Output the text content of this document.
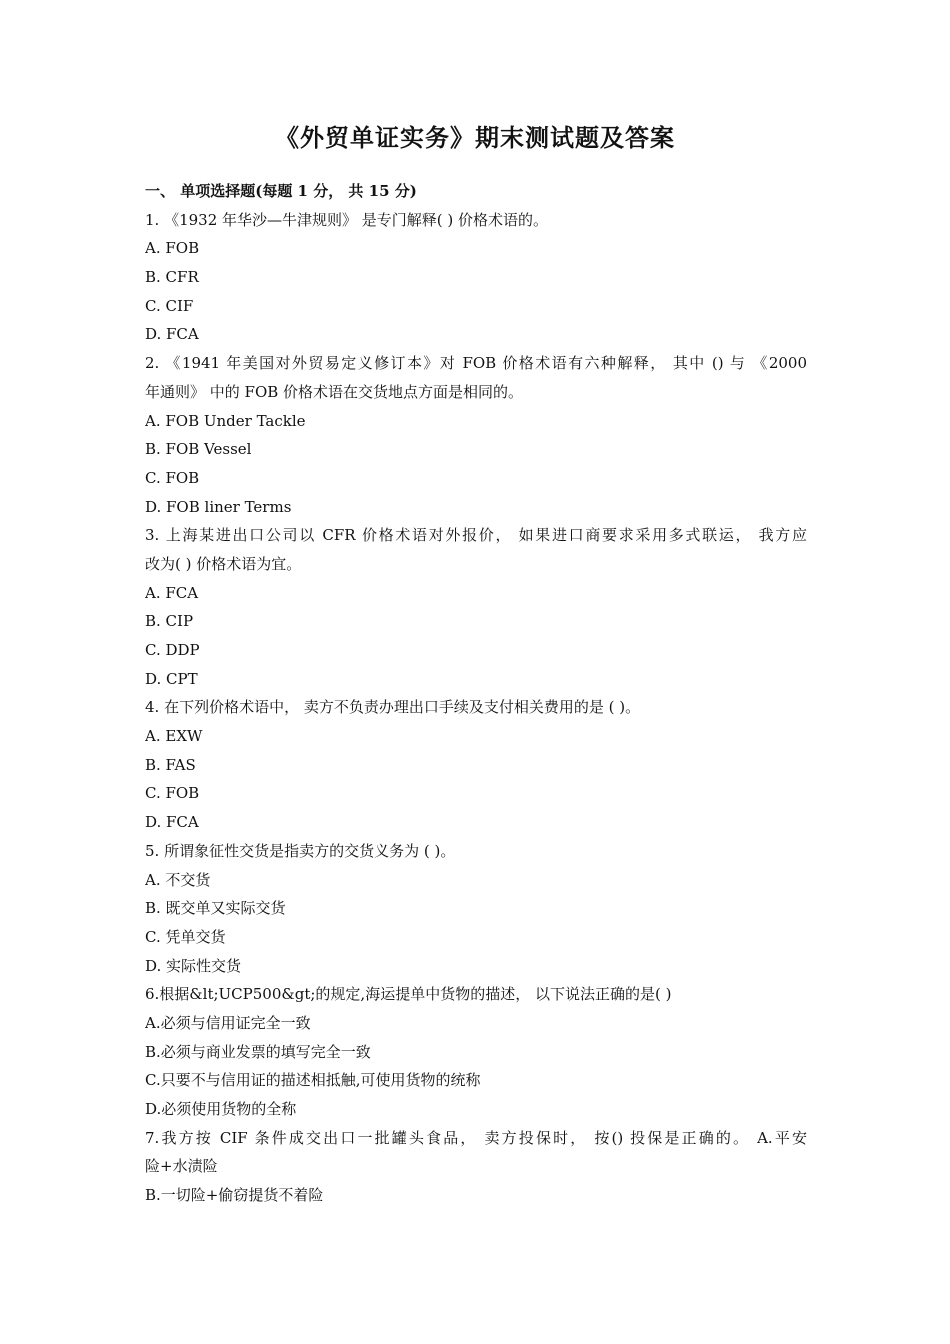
《外贸单证实务》期末测试题及答案
一、 单项选择题(每题 1 分， 共 15 分)
1. 《1932 年华沙—牛津规则》 是专门解释( ) 价格术语的。
A. FOB
B. CFR
C. CIF
D. FCA
2. 《1941 年美国对外贸易定义修订本》对 FOB 价格术语有六种解释， 其中 () 与 《2000
年通则》 中的 FOB 价格术语在交货地点方面是相同的。
A. FOB Under Tackle
B. FOB Vessel
C. FOB
D. FOB liner Terms
3. 上海某进出口公司以 CFR 价格术语对外报价， 如果进口商要求采用多式联运， 我方应
改为( ) 价格术语为宜。
A. FCA
B. CIP
C. DDP
D. CPT
4. 在下列价格术语中， 卖方不负责办理出口手续及支付相关费用的是 ( )。
A. EXW
B. FAS
C. FOB
D. FCA
5. 所谓象征性交货是指卖方的交货义务为 ( )。
A. 不交货
B. 既交单又实际交货
C. 凭单交货
D. 实际性交货
6.根据&lt;UCP500&gt;的规定,海运提单中货物的描述， 以下说法正确的是( )
A.必须与信用证完全一致
B.必须与商业发票的填写完全一致
C.只要不与信用证的描述相抵触,可使用货物的统称
D.必须使用货物的全称
7.我方按 CIF 条件成交出口一批罐头食品， 卖方投保时， 按() 投保是正确的。 A.平安
险+水渍险
B.一切险+偷窃提货不着险
